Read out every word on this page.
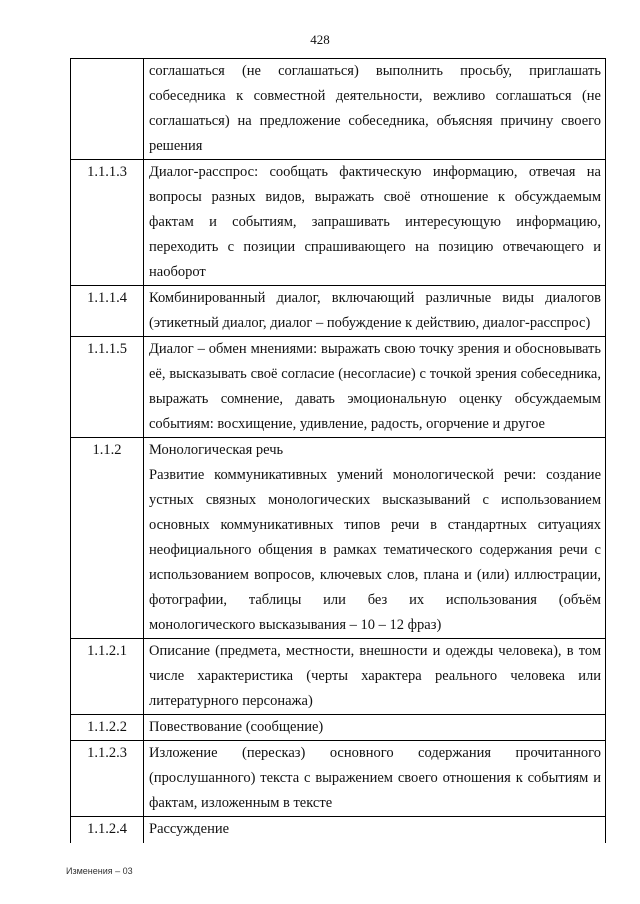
428

	соглашаться (не соглашаться) выполнить просьбу, приглашать собеседника к совместной деятельности, вежливо соглашаться (не соглашаться) на предложение собеседника, объясняя причину своего решения

1.1.1.3	Диалог-расспрос: сообщать фактическую информацию, отвечая на вопросы разных видов, выражать своё отношение к обсуждаемым фактам и событиям, запрашивать интересующую информацию, переходить с позиции спрашивающего на позицию отвечающего и наоборот

1.1.1.4	Комбинированный диалог, включающий различные виды диалогов (этикетный диалог, диалог – побуждение к действию, диалог-расспрос)

1.1.1.5	Диалог – обмен мнениями: выражать свою точку зрения и обосновывать её, высказывать своё согласие (несогласие) с точкой зрения собеседника, выражать сомнение, давать эмоциональную оценку обсуждаемым событиям: восхищение, удивление, радость, огорчение и другое

1.1.2	Монологическая речь

Развитие коммуникативных умений монологической речи: создание устных связных монологических высказываний с использованием основных коммуникативных типов речи в стандартных ситуациях неофициального общения в рамках тематического содержания речи с использованием вопросов, ключевых слов, плана и (или) иллюстрации, фотографии, таблицы или без их использования (объём монологического высказывания – 10 – 12 фраз)

1.1.2.1	Описание (предмета, местности, внешности и одежды человека), в том числе характеристика (черты характера реального человека или литературного персонажа)

1.1.2.2	Повествование (сообщение)

1.1.2.3	Изложение (пересказ) основного содержания прочитанного (прослушанного) текста с выражением своего отношения к событиям и фактам, изложенным в тексте

1.1.2.4	Рассуждение

Изменения – 03
